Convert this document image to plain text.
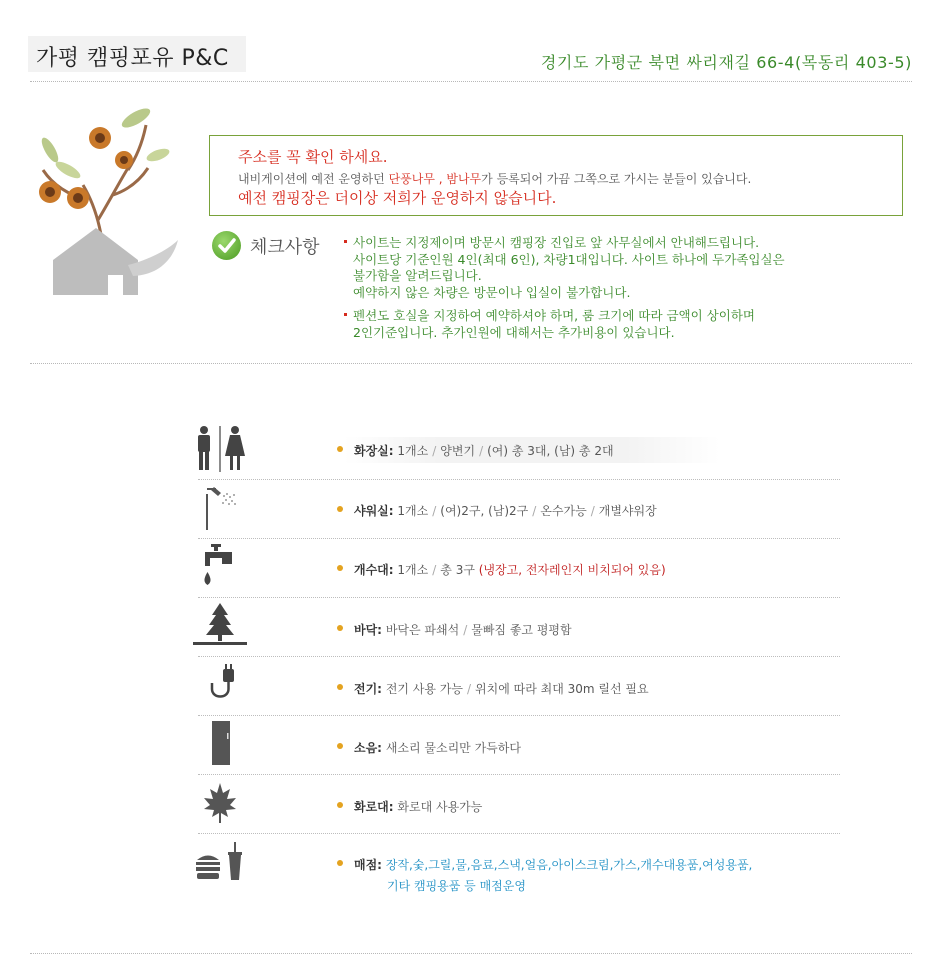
가평 캠핑포유 P&C	경기도 가평군 북면 싸리재길 66-4(목동리 403-5)
주소를 꼭 확인 하세요.
내비게이션에 예전 운영하던 단풍나무 , 밤나무가 등록되어 가끔 그쪽으로 가시는 분들이 있습니다.
예전 캠핑장은 더이상 저희가 운영하지 않습니다.
체크사항	사이트는 지정제이며 방문시 캠핑장 진입로 앞 사무실에서 안내해드립니다.
사이트당 기준인원 4인(최대 6인), 차량1대입니다. 사이트 하나에 두가족입실은
불가함을 알려드립니다.
예약하지 않은 차량은 방문이나 입실이 불가합니다.
펜션도 호실을 지정하여 예약하셔야 하며, 룸 크기에 따라 금액이 상이하며
2인기준입니다. 추가인원에 대해서는 추가비용이 있습니다.
화장실: 1개소 / 양변기 / (여) 총 3대, (남) 총 2대
샤워실: 1개소 / (여)2구, (남)2구 / 온수가능 / 개별샤워장
개수대: 1개소 / 총 3구 (냉장고, 전자레인지 비치되어 있음)
바닥: 바닥은 파쇄석 / 물빠짐 좋고 평평함
전기: 전기 사용 가능 / 위치에 따라 최대 30m 릴선 필요
소음: 새소리 물소리만 가득하다
화로대: 화로대 사용가능
매점: 장작,숯,그릴,물,음료,스낵,얼음,아이스크림,가스,개수대용품,여성용품,
기타 캠핑용품 등 매점운영
